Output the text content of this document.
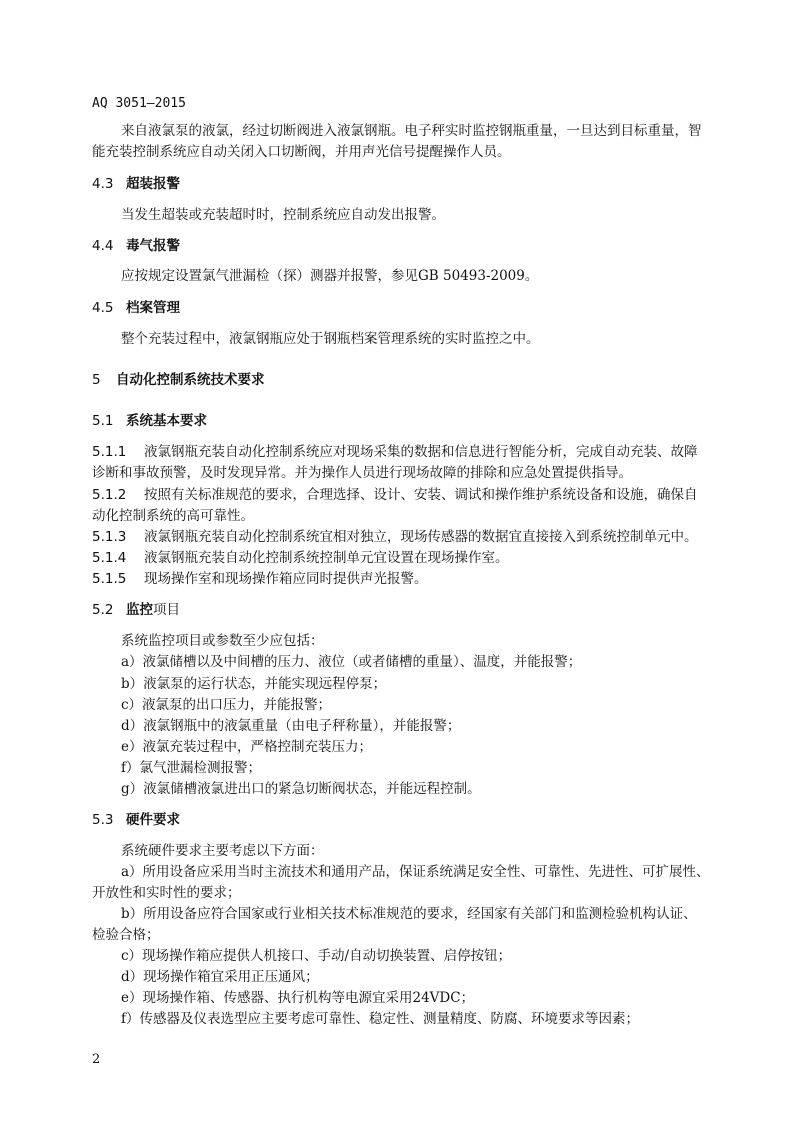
AQ 3051—2015
来自液氯泵的液氯，经过切断阀进入液氯钢瓶。电子秤实时监控钢瓶重量，一旦达到目标重量，智
能充装控制系统应自动关闭入口切断阀，并用声光信号提醒操作人员。
4.3 超装报警
当发生超装或充装超时时，控制系统应自动发出报警。
4.4 毒气报警
应按规定设置氯气泄漏检（探）测器并报警，参见GB 50493-2009。
4.5 档案管理
整个充装过程中，液氯钢瓶应处于钢瓶档案管理系统的实时监控之中。
5 自动化控制系统技术要求
5.1 系统基本要求
5.1.1 液氯钢瓶充装自动化控制系统应对现场采集的数据和信息进行智能分析，完成自动充装、故障
诊断和事故预警，及时发现异常。并为操作人员进行现场故障的排除和应急处置提供指导。
5.1.2 按照有关标准规范的要求，合理选择、设计、安装、调试和操作维护系统设备和设施，确保自
动化控制系统的高可靠性。
5.1.3 液氯钢瓶充装自动化控制系统宜相对独立，现场传感器的数据宜直接接入到系统控制单元中。
5.1.4 液氯钢瓶充装自动化控制系统控制单元宜设置在现场操作室。
5.1.5 现场操作室和现场操作箱应同时提供声光报警。
5.2 监控项目
系统监控项目或参数至少应包括：
a）液氯储槽以及中间槽的压力、液位（或者储槽的重量）、温度，并能报警；
b）液氯泵的运行状态，并能实现远程停泵；
c）液氯泵的出口压力，并能报警；
d）液氯钢瓶中的液氯重量（由电子秤称量），并能报警；
e）液氯充装过程中，严格控制充装压力；
f）氯气泄漏检测报警；
g）液氯储槽液氯进出口的紧急切断阀状态，并能远程控制。
5.3 硬件要求
系统硬件要求主要考虑以下方面：
a）所用设备应采用当时主流技术和通用产品，保证系统满足安全性、可靠性、先进性、可扩展性、
开放性和实时性的要求；
b）所用设备应符合国家或行业相关技术标准规范的要求，经国家有关部门和监测检验机构认证、
检验合格；
c）现场操作箱应提供人机接口、手动/自动切换装置、启停按钮；
d）现场操作箱宜采用正压通风；
e）现场操作箱、传感器、执行机构等电源宜采用24VDC；
f）传感器及仪表选型应主要考虑可靠性、稳定性、测量精度、防腐、环境要求等因素；
2
